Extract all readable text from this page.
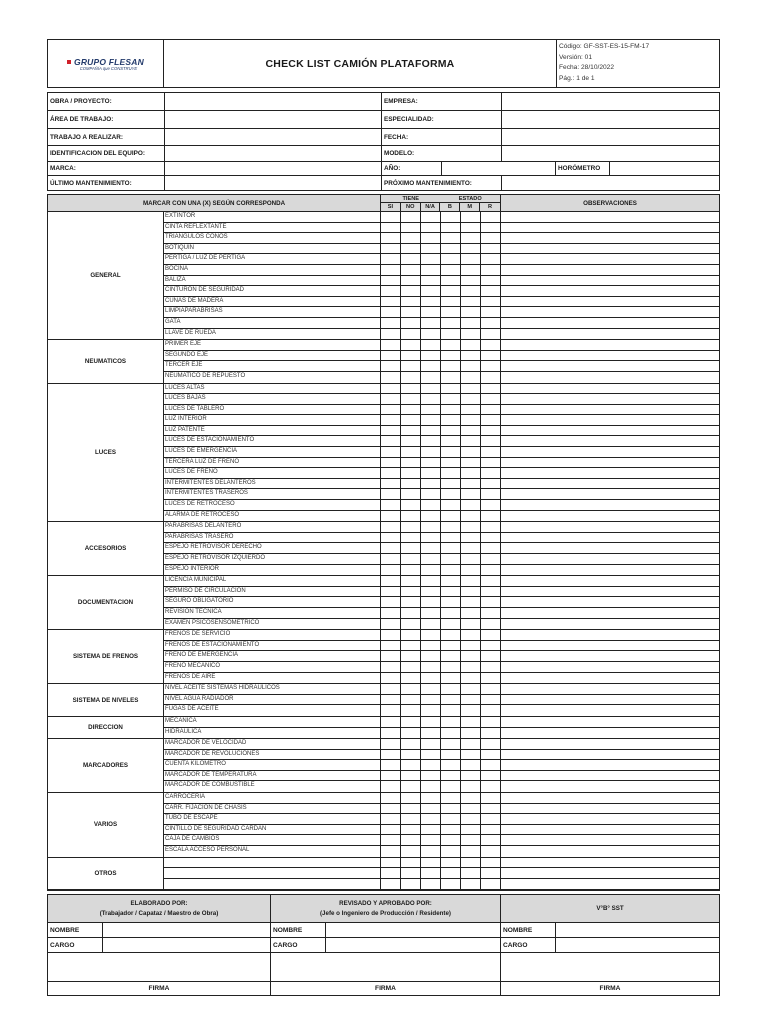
GRUPO FLESAN
COMPAÑÍA que CONSTRUYE	CHECK LIST CAMIÓN PLATAFORMA
Código: GF-SST-ES-15-FM-17
Versión: 01
Fecha: 28/10/2022
Pág.: 1 de 1
OBRA / PROYECTO:	EMPRESA:
ÁREA DE TRABAJO:	ESPECIALIDAD:
TRABAJO A REALIZAR:	FECHA:
IDENTIFICACION DEL EQUIPO:	MODELO:
MARCA:	AÑO:	HORÓMETRO
ÚLTIMO MANTENIMIENTO:	PRÓXIMO MANTENIMIENTO:
MARCAR CON UNA (X) SEGÚN CORRESPONDA
TIENE	ESTADO
SI	NO	N/A	B	M	R
OBSERVACIONES
GENERAL
EXTINTOR
CINTA REFLEXTANTE
TRIANGULOS CONOS
BOTIQUIN
PERTIGA / LUZ DE PERTIGA
BOCINA
BALIZA
CINTURON DE SEGURIDAD
CUÑAS DE MADERA
LIMPIAPARABRISAS
GATA
LLAVE DE RUEDA
NEUMATICOS
PRIMER EJE
SEGUNDO EJE
TERCER EJE
NEUMATICO DE REPUESTO
LUCES
LUCES ALTAS
LUCES BAJAS
LUCES DE TABLERO
LUZ INTERIOR
LUZ PATENTE
LUCES DE ESTACIONAMIENTO
LUCES DE EMERGENCIA
TERCERA LUZ DE FRENO
LUCES DE FRENO
INTERMITENTES DELANTEROS
INTERMITENTES TRASEROS
LUCES DE RETROCESO
ALARMA DE RETROCESO
ACCESORIOS
PARABRISAS DELANTERO
PARABRISAS TRASERO
ESPEJO RETROVISOR DERECHO
ESPEJO RETROVISOR IZQUIERDO
ESPEJO INTERIOR
DOCUMENTACION
LICENCIA MUNICIPAL
PERMISO DE CIRCULACION
SEGURO OBLIGATORIO
REVISION TECNICA
EXAMEN PSICOSENSOMETRICO
SISTEMA DE FRENOS
FRENOS DE SERVICIO
FRENOS DE ESTACIONAMIENTO
FRENO DE EMERGENCIA
FRENO MECANICO
FRENOS DE AIRE
SISTEMA DE NIVELES
NIVEL ACEITE SISTEMAS HIDRAULICOS
NIVEL AGUA RADIADOR
FUGAS DE ACEITE
DIRECCION
MECANICA
HIDRAULICA
MARCADORES
MARCADOR DE VELOCIDAD
MARCADOR DE REVOLUCIONES
CUENTA KILOMETRO
MARCADOR DE TEMPERATURA
MARCADOR DE COMBUSTIBLE
VARIOS
CARROCERIA
CARR. FIJACION DE CHASIS
TUBO DE ESCAPE
CINTILLO DE SEGURIDAD CARDAN
CAJA DE CAMBIOS
ESCALA ACCESO PERSONAL
OTROS
ELABORADO POR:
(Trabajador / Capataz / Maestro de Obra)
REVISADO Y APROBADO POR:
(Jefe o Ingeniero de Producción / Residente)
V°B° SST
NOMBRE	NOMBRE	NOMBRE
CARGO	CARGO	CARGO
FIRMA	FIRMA	FIRMA
